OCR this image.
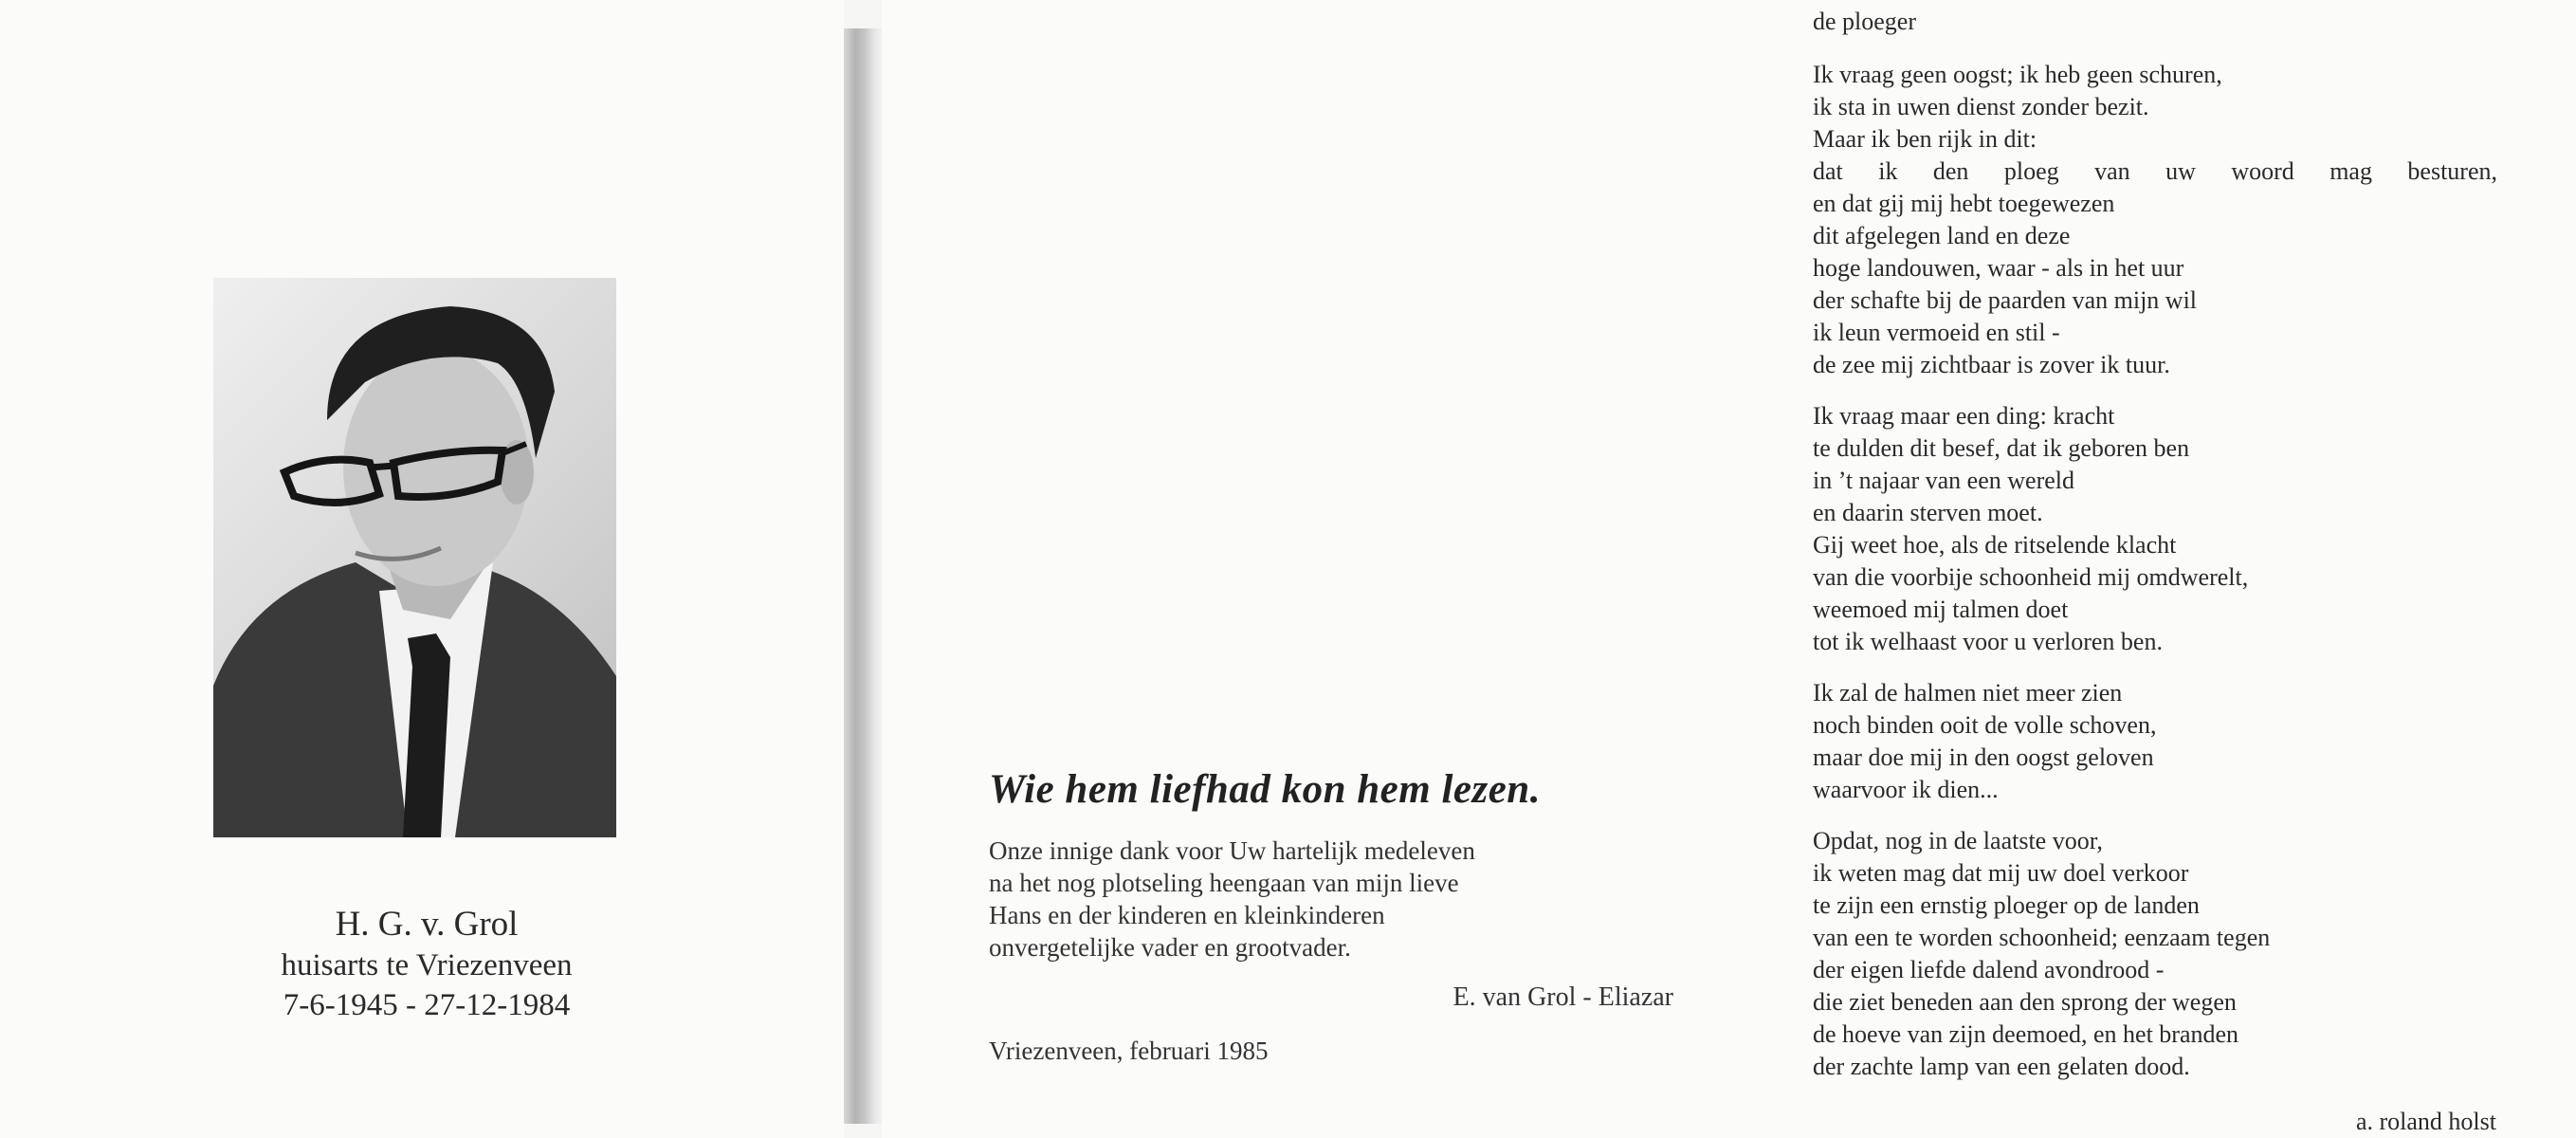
H. G. v. Grol
huisarts te Vriezenveen
7-6-1945 - 27-12-1984
Wie hem liefhad kon hem lezen.

Onze innige dank voor Uw hartelijk medeleven

na het nog plotseling heengaan van mijn lieve

Hans en der kinderen en kleinkinderen

onvergetelijke vader en grootvader.

E. van Grol - Eliazar
Vriezenveen, februari 1985
de ploeger
Ik vraag geen oogst; ik heb geen schuren,
ik sta in uwen dienst zonder bezit.
Maar ik ben rijk in dit:
dat ik den ploeg van uw woord mag besturen,
en dat gij mij hebt toegewezen
dit afgelegen land en deze
hoge landouwen, waar - als in het uur
der schafte bij de paarden van mijn wil
ik leun vermoeid en stil -
de zee mij zichtbaar is zover ik tuur.
Ik vraag maar een ding: kracht
te dulden dit besef, dat ik geboren ben
in ’t najaar van een wereld
en daarin sterven moet.
Gij weet hoe, als de ritselende klacht
van die voorbije schoonheid mij omdwerelt,
weemoed mij talmen doet
tot ik welhaast voor u verloren ben.
Ik zal de halmen niet meer zien
noch binden ooit de volle schoven,
maar doe mij in den oogst geloven
waarvoor ik dien...
Opdat, nog in de laatste voor,
ik weten mag dat mij uw doel verkoor
te zijn een ernstig ploeger op de landen
van een te worden schoonheid; eenzaam tegen
der eigen liefde dalend avondrood -
die ziet beneden aan den sprong der wegen
de hoeve van zijn deemoed, en het branden
der zachte lamp van een gelaten dood.
a. roland holst
